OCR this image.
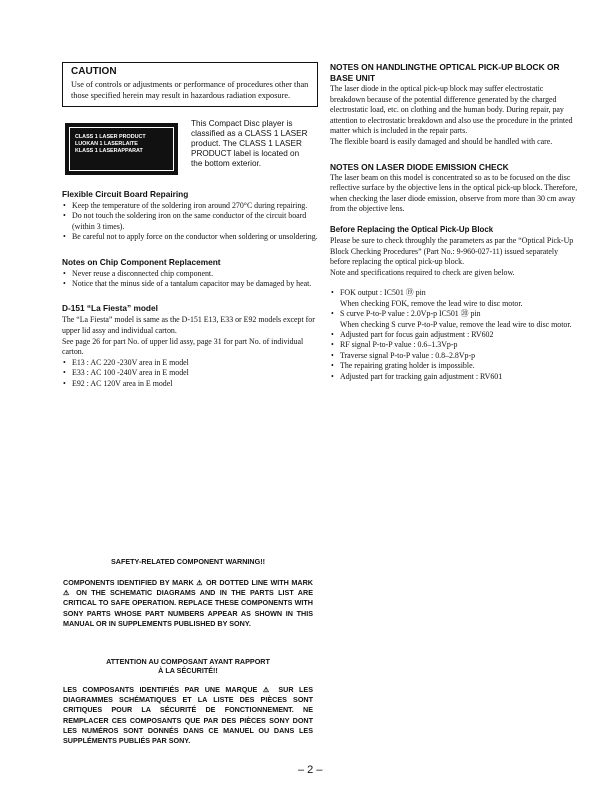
CAUTION

Use of controls or adjustments or performance of procedures other than those specified herein may result in hazardous radiation exposure.

CLASS 1 LASER PRODUCT
LUOKAN 1 LASERLAITE
KLASS 1 LASERAPPARAT
This Compact Disc player is classified as a CLASS 1 LASER product. The CLASS 1 LASER PRODUCT label is located on the bottom exterior.
Flexible Circuit Board Repairing
• Keep the temperature of the soldering iron around 270°C during repairing.
• Do not touch the soldering iron on the same conductor of the circuit board (within 3 times).
• Be careful not to apply force on the conductor when soldering or unsoldering.
Notes on Chip Component Replacement
• Never reuse a disconnected chip component.
• Notice that the minus side of a tantalum capacitor may be damaged by heat.
D-151 “La Fiesta” model

The “La Fiesta” model is same as the D-151 E13, E33 or E92 models except for upper lid assy and individual carton.

See page 26 for part No. of upper lid assy, page 31 for part No. of individual carton.

• E13 : AC 220 -230V area in E model
• E33 : AC 100 -240V area in E model
• E92 : AC 120V area in E model

NOTES ON HANDLINGTHE OPTICAL PICK-UP BLOCK OR

BASE UNIT

The laser diode in the optical pick-up block may suffer electrostatic breakdown because of the potential difference generated by the charged electrostatic load, etc. on clothing and the human body. During repair, pay attention to electrostatic breakdown and also use the procedure in the printed matter which is included in the repair parts.

The flexible board is easily damaged and should be handled with care.

NOTES ON LASER DIODE EMISSION CHECK

The laser beam on this model is concentrated so as to be focused on the disc reflective surface by the objective lens in the optical pick-up block. Therefore, when checking the laser diode emission, observe from more than 30 cm away from the objective lens.

Before Replacing the Optical Pick-Up Block

Please be sure to check throughly the parameters as par the “Optical Pick-Up Block Checking Procedures” (Part No.: 9-960-027-11) issued separately before replacing the optical pick-up block.

Note and specifications required to check are given below.

• FOK output : IC501 ⑲ pin
When checking FOK, remove the lead wire to disc motor.
• S curve P-to-P value : 2.0Vp-p IC501 ⑳ pin
When checking S curve P-to-P value, remove the lead wire to disc motor.
• Adjusted part for focus gain adjustment : RV602
• RF signal P-to-P value : 0.6–1.3Vp-p
• Traverse signal P-to-P value : 0.8–2.8Vp-p
• The repairing grating holder is impossible.
• Adjusted part for tracking gain adjustment : RV601

SAFETY-RELATED COMPONENT WARNING!!

COMPONENTS IDENTIFIED BY MARK ⚠ OR DOTTED LINE WITH MARK ⚠ ON THE SCHEMATIC DIAGRAMS AND IN THE PARTS LIST ARE CRITICAL TO SAFE OPERATION. REPLACE THESE COMPONENTS WITH SONY PARTS WHOSE PART NUMBERS APPEAR AS SHOWN IN THIS MANUAL OR IN SUPPLEMENTS PUBLISHED BY SONY.

ATTENTION AU COMPOSANT AYANT RAPPORT

À LA SÉCURITÉ!!

LES COMPOSANTS IDENTIFIÉS PAR UNE MARQUE ⚠ SUR LES DIAGRAMMES SCHÉMATIQUES ET LA LISTE DES PIÈCES SONT CRITIQUES POUR LA SÉCURITÉ DE FONCTIONNEMENT. NE REMPLACER CES COMPOSANTS QUE PAR DES PIÈCES SONY DONT LES NUMÉROS SONT DONNÉS DANS CE MANUEL OU DANS LES SUPPLÉMENTS PUBLIÉS PAR SONY.

– 2 –
